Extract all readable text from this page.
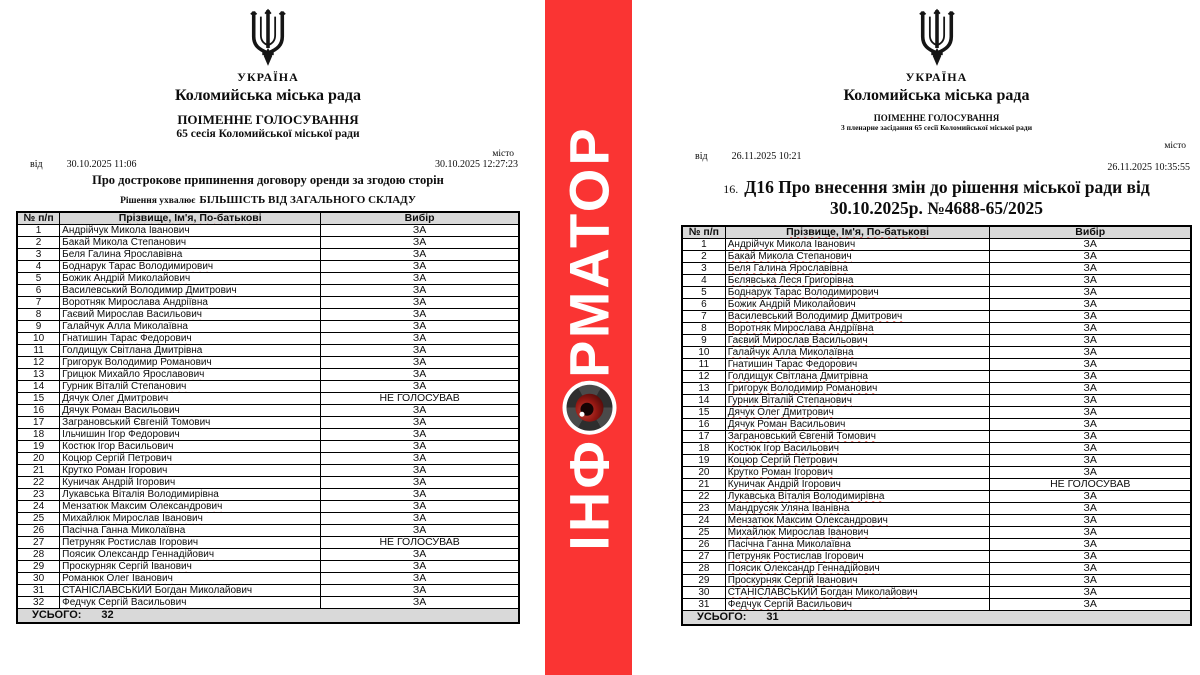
УКРАЇНА
Коломийська міська рада
ПОІМЕННЕ ГОЛОСУВАННЯ
65 сесія Коломийської міської ради
місто
від 30.10.2025 11:06	30.10.2025 12:27:23
Про дострокове припинення договору оренди за згодою сторін
Рішення ухвалює БІЛЬШІСТЬ ВІД ЗАГАЛЬНОГО СКЛАДУ
№ п/п	Прізвище, Ім'я, По-батькові	Вибір
1	Андрійчук Микола Іванович	ЗА
2	Бакай Микола Степанович	ЗА
3	Беля Галина Ярославівна	ЗА
4	Боднарук Тарас Володимирович	ЗА
5	Божик Андрій Миколайович	ЗА
6	Василевський Володимир Дмитрович	ЗА
7	Воротняк Мирослава Андріївна	ЗА
8	Гаєвий Мирослав Васильович	ЗА
9	Галайчук Алла Миколаївна	ЗА
10	Гнатишин Тарас Федорович	ЗА
11	Голдищук Світлана Дмитрівна	ЗА
12	Григорук Володимир Романович	ЗА
13	Грицюк Михайло Ярославович	ЗА
14	Гурник Віталій Степанович	ЗА
15	Дячук Олег Дмитрович	НЕ ГОЛОСУВАВ
16	Дячук Роман Васильович	ЗА
17	Заграновський Євгеній Томович	ЗА
18	Ільчишин Ігор Федорович	ЗА
19	Костюк Ігор Васильович	ЗА
20	Коцюр Сергій Петрович	ЗА
21	Крутко Роман Ігорович	ЗА
22	Куничак Андрій Ігорович	ЗА
23	Лукавська Віталія Володимирівна	ЗА
24	Мензатюк Максим Олександрович	ЗА
25	Михайлюк Мирослав Іванович	ЗА
26	Пасічна Ганна Миколаївна	ЗА
27	Петруняк Ростислав Ігорович	НЕ ГОЛОСУВАВ
28	Поясик Олександр Геннадійович	ЗА
29	Проскурняк Сергій Іванович	ЗА
30	Романюк Олег Іванович	ЗА
31	СТАНІСЛАВСЬКИЙ Богдан Миколайович	ЗА
32	Федчук Сергій Васильович	ЗА
УСЬОГО: 32		
ІНФ
РМАТОР
УКРАЇНА
Коломийська міська рада
ПОІМЕННЕ ГОЛОСУВАННЯ
3 пленарне засідання 65 сесії Коломийської міської ради
місто
від 26.11.2025 10:21
26.11.2025 10:35:55
16. Д16 Про внесення змін до рішення міської ради від 30.10.2025р. №4688-65/2025
№ п/п	Прізвище, Ім'я, По-батькові	Вибір
1	Андрійчук Микола Іванович	ЗА
2	Бакай Микола Степанович	ЗА
3	Беля Галина Ярославівна	ЗА
4	Бєлявська Леся Григорівна	ЗА
5	Боднарук Тарас Володимирович	ЗА
6	Божик Андрій Миколайович	ЗА
7	Василевський Володимир Дмитрович	ЗА
8	Воротняк Мирослава Андріївна	ЗА
9	Гаєвий Мирослав Васильович	ЗА
10	Галайчук Алла Миколаївна	ЗА
11	Гнатишин Тарас Федорович	ЗА
12	Голдищук Світлана Дмитрівна	ЗА
13	Григорук Володимир Романович	ЗА
14	Гурник Віталій Степанович	ЗА
15	Дячук Олег Дмитрович	ЗА
16	Дячук Роман Васильович	ЗА
17	Заграновський Євгеній Томович	ЗА
18	Костюк Ігор Васильович	ЗА
19	Коцюр Сергій Петрович	ЗА
20	Крутко Роман Ігорович	ЗА
21	Куничак Андрій Ігорович	НЕ ГОЛОСУВАВ
22	Лукавська Віталія Володимирівна	ЗА
23	Мандрусяк Уляна Іванівна	ЗА
24	Мензатюк Максим Олександрович	ЗА
25	Михайлюк Мирослав Іванович	ЗА
26	Пасічна Ганна Миколаївна	ЗА
27	Петруняк Ростислав Ігорович	ЗА
28	Поясик Олександр Геннадійович	ЗА
29	Проскурняк Сергій Іванович	ЗА
30	СТАНІСЛАВСЬКИЙ Богдан Миколайович	ЗА
31	Федчук Сергій Васильович	ЗА
УСЬОГО: 31		
